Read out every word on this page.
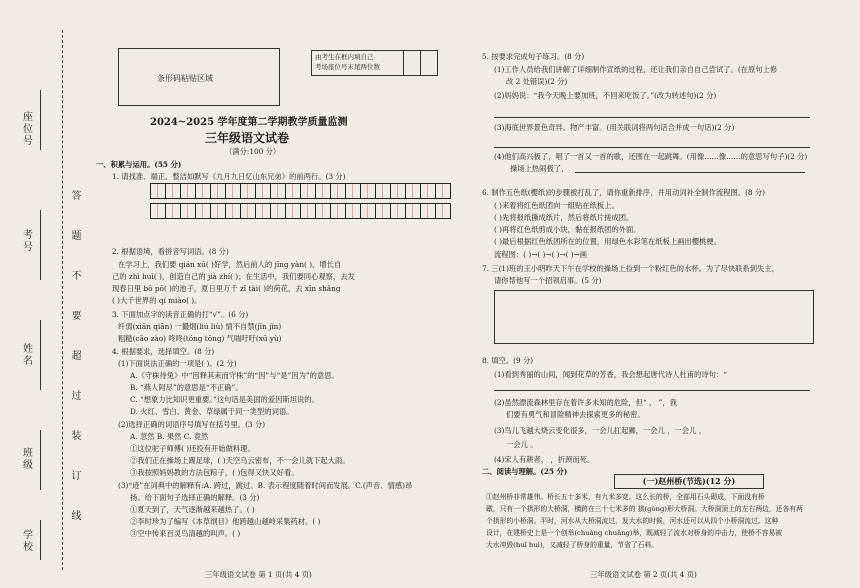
座位号
考号
姓名
班级
学校
答
题
不
要
超
过
装
订
线
条形码粘贴区域
由考生在框内填自己
考场座位号末尾两位数
2024~2025 学年度第二学期教学质量监测
三年级语文试卷
（满分:100 分）
一、积累与运用。(55 分)
1. 请找准、端正、整洁如默写《九月九日忆山东兄弟》的前两行。(3 分)
2. 根据语境，看拼音写词语。(8 分)
在学习上，我们要 qián xū( )好学，然后前人的 jīng yàn( )，增长自
己的 zhì huì( )，创造自己的 jià zhí( )；在生活中，我们要同心观察，去发
现春日里 bō pō( )的池子，夏日里万千 zǐ tài( )的荷花，去 xīn shǎng
( )大千世界的 qí miào( )。
3. 下面加点字的读音正确的打“√”。(6 分)
纤弱(xiān qiān) 一撮烟(liú liù) 情不自禁(jīn jìn)
粗糙(cāo zào) 咚咚(tóng tōng) 气喘吁吁(xū yù)
4. 根据要求，选择填空。(8 分)
(1)下面说法正确的一项是( )。(2 分)
A.《守株待兔》中“因释其耒而守株”的“因”与“是”因为”的意思。
B. “燕人阿尽”的意思是“不正确”。
C. “想象力比知识更重要。”这句话是美国的爱因斯坦说的。
D. 火红、雪白、黄金、草绿属于同一类型的词语。
(2)选择正确的词语序号填写在括号里。(3 分)
A. 忽然 B. 果然 C. 竟然
①这位驼子师傅( )还投有开始做料理。
②我们正在操场上踢足球，( )天空乌云密布，不一会儿就下起大雨。
③我按照妈妈教的方法包粽子，( )包得又快又好看。
(3)“迹”在词典中的解释有:A. 跨过，跳过。B. 表示程度随着时间而发展。C.(声音、情感)昂
扬。给下面句子选择正确的解释。(3 分)
①夏天到了，天气逐渐越来越热了。( )
②李时珍为了编写《本草纲目》他跨越山越岭采集药材。( )
③空中传来百灵鸟清越的叫声。( )
三年级语文试卷 第 1 页(共 4 页)
5. 按要求完成句子练习。(8 分)
(1)工作人员给我们讲解了详细制作宣纸的过程，还让我们亲自自己尝试了。(在原句上修
改 2 处错误)(2 分)
(2)妈妈说：“我今天晚上要加班，不回来吃饭了。”(改为转述句)(2 分)
(3)海底世界景色奇异。物产丰富。(用关联词将两句话合并成一句话)(2 分)
(4)他们高兴极了，唱了一首又一首的歌，还围在一起跳舞。(用像……像……的意思写句子)(2 分)
操场上热闹极了，
6. 制作五色纸(樱纸)的步骤被打乱了，请你重新排序，并用动词补全制作流程图。(8 分)
( )来着将红色纸团向一组贴在纸板上。
( )先将报纸撕成纸片，然后将纸片搓成团。
( )再将红色纸剪成小块，黏在报纸团的外面。
( )最后根据红色纸团所在的位置，用绿色水彩笔在纸板上画出樱桃梗。
流程图：( )→( )→( )→( )→画
7. 三(1)班的王小明昨天下午在学校的操场上捡到一个粉红色的水杯。为了尽快联系到失主，
请你帮他写一个招领启事。(5 分)
8. 填空。(9 分)
(1)看到秀丽的山间，闻到花草的芳香，我会想起唐代诗人杜甫的诗句：“
(2)虽然漂流森林里存在着许多未知的危险，但“ ， ”，我
们要有勇气和冒险精神去探索更多的秘密。
(3)鸟儿飞越大烧云变化很多，一会儿扛起狮，一会儿 ，一会儿 ，
一会儿 。
(4)宋人有耕者， ，折颈而死。
二、阅读与理解。(25 分)
(一)赵州桥(节选)(12 分)
①赵州桥非常雄伟。桥长五十多米，有九米多宽。这么长的桥，全部用石头砌成，下面没有桥
礅，只有一个拱形的大桥洞，横跨在三十七米多的 拱(gǒng)形大桥洞。大桥洞顶上的左右两边，还各有两
个拱形的小桥洞。平时，河水从大桥洞流过，发大水的时候，河水还可以从四个小桥洞流过。这种
设计，在建桥史上是一个创举(chuàng chuǎng)举，既减轻了流水对桥身的冲击力，使桥不容易被
大水冲毁(huǐ huì)，又减轻了桥身的重量，节省了石料。
三年级语文试卷 第 2 页(共 4 页)
